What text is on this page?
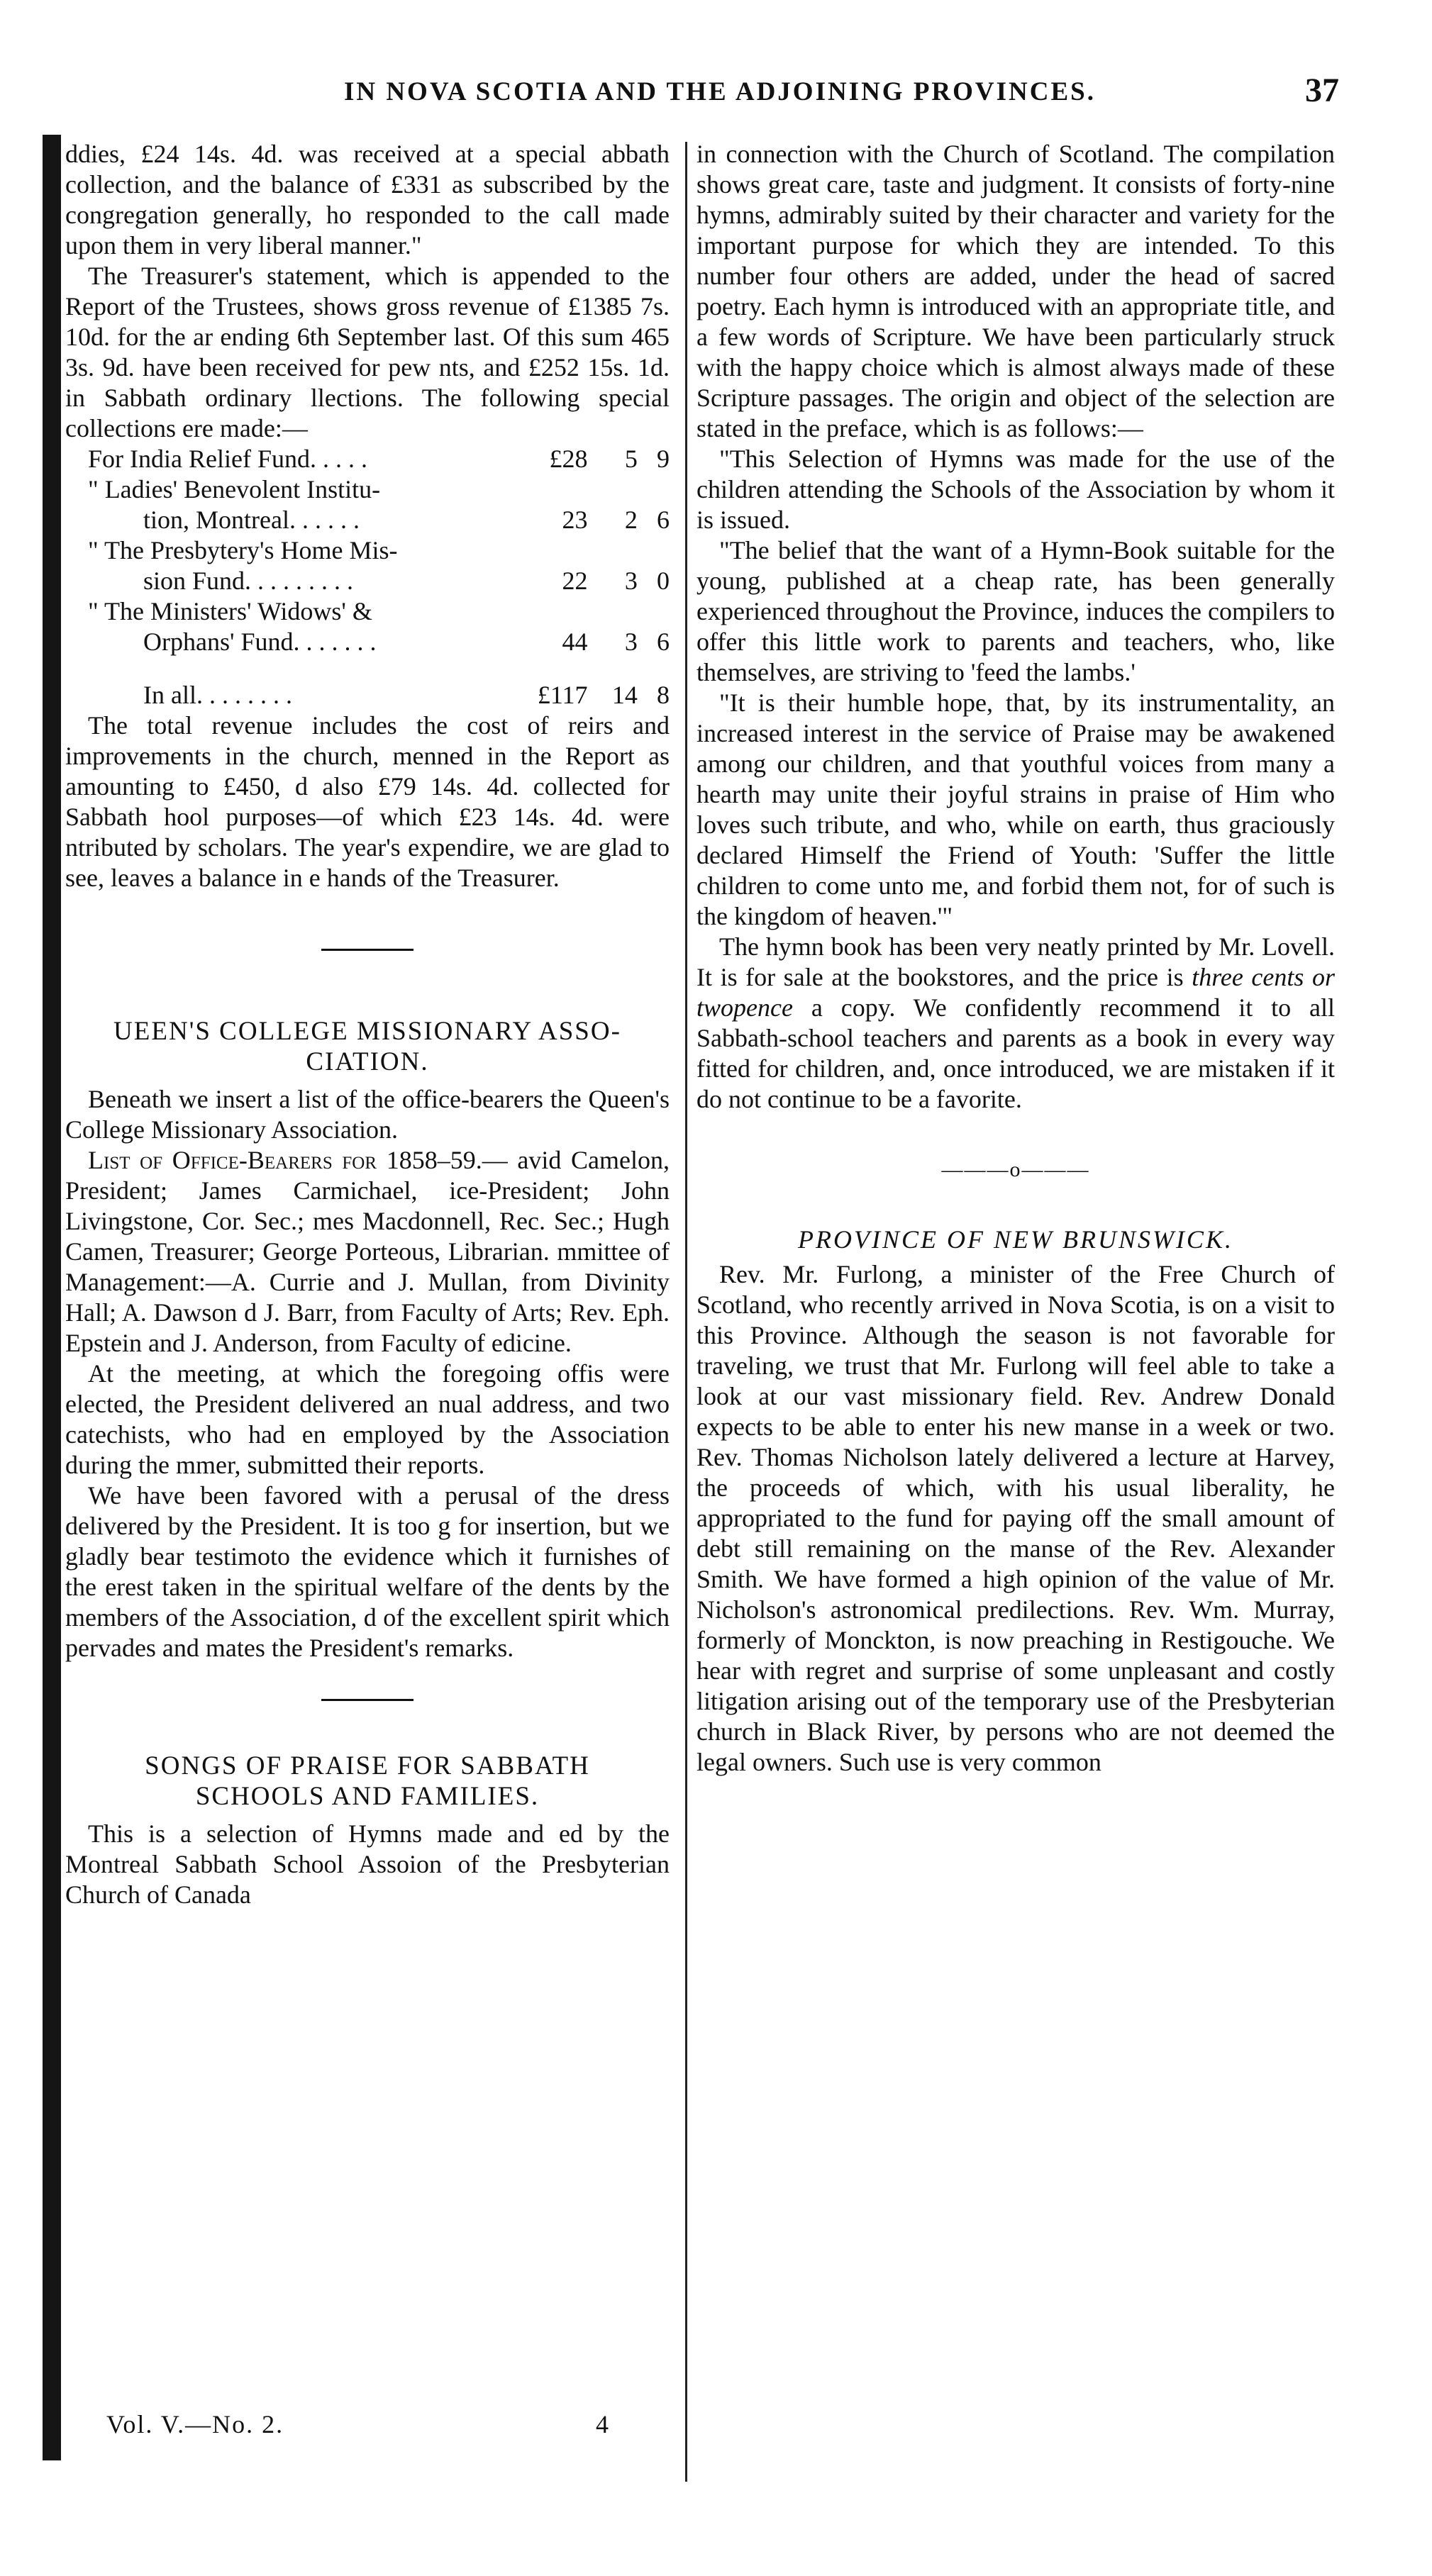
IN NOVA SCOTIA AND THE ADJOINING PROVINCES.	37

ddies, £24 14s. 4d. was received at a special abbath collection, and the balance of £331 as subscribed by the congregation generally, ho responded to the call made upon them in very liberal manner."

The Treasurer's statement, which is appended to the Report of the Trustees, shows gross revenue of £1385 7s. 10d. for the ar ending 6th September last. Of this sum 465 3s. 9d. have been received for pew nts, and £252 15s. 1d. in Sabbath ordinary llections. The following special collections ere made:—

For India Relief Fund. . . . .	£28	5	9
" Ladies' Benevolent Institu-			
tion, Montreal. . . . . .	23	2	6
" The Presbytery's Home Mis-			
sion Fund. . . . . . . . .	22	3	0
" The Ministers' Widows' &			
Orphans' Fund. . . . . . .	44	3	6
In all. . . . . . . .	£117	14	8

The total revenue includes the cost of reirs and improvements in the church, menned in the Report as amounting to £450, d also £79 14s. 4d. collected for Sabbath hool purposes—of which £23 14s. 4d. were ntributed by scholars. The year's expendire, we are glad to see, leaves a balance in e hands of the Treasurer.

UEEN'S COLLEGE MISSIONARY ASSO-
CIATION.

Beneath we insert a list of the office-bearers the Queen's College Missionary Association.

List of Office-Bearers for 1858–59.— avid Camelon, President; James Carmichael, ice-President; John Livingstone, Cor. Sec.; mes Macdonnell, Rec. Sec.; Hugh Camen, Treasurer; George Porteous, Librarian. mmittee of Management:—A. Currie and J. Mullan, from Divinity Hall; A. Dawson d J. Barr, from Faculty of Arts; Rev. Eph. Epstein and J. Anderson, from Faculty of edicine.

At the meeting, at which the foregoing offis were elected, the President delivered an nual address, and two catechists, who had en employed by the Association during the mmer, submitted their reports.

We have been favored with a perusal of the dress delivered by the President. It is too g for insertion, but we gladly bear testimoto the evidence which it furnishes of the erest taken in the spiritual welfare of the dents by the members of the Association, d of the excellent spirit which pervades and mates the President's remarks.

SONGS OF PRAISE FOR SABBATH
SCHOOLS AND FAMILIES.

This is a selection of Hymns made and ed by the Montreal Sabbath School Assoion of the Presbyterian Church of Canada

in connection with the Church of Scotland. The compilation shows great care, taste and judgment. It consists of forty-nine hymns, admirably suited by their character and variety for the important purpose for which they are intended. To this number four others are added, under the head of sacred poetry. Each hymn is introduced with an appropriate title, and a few words of Scripture. We have been particularly struck with the happy choice which is almost always made of these Scripture passages. The origin and object of the selection are stated in the preface, which is as follows:—

"This Selection of Hymns was made for the use of the children attending the Schools of the Association by whom it is issued.

"The belief that the want of a Hymn-Book suitable for the young, published at a cheap rate, has been generally experienced throughout the Province, induces the compilers to offer this little work to parents and teachers, who, like themselves, are striving to 'feed the lambs.'

"It is their humble hope, that, by its instrumentality, an increased interest in the service of Praise may be awakened among our children, and that youthful voices from many a hearth may unite their joyful strains in praise of Him who loves such tribute, and who, while on earth, thus graciously declared Himself the Friend of Youth: 'Suffer the little children to come unto me, and forbid them not, for of such is the kingdom of heaven.'"

The hymn book has been very neatly printed by Mr. Lovell. It is for sale at the bookstores, and the price is three cents or twopence a copy. We confidently recommend it to all Sabbath-school teachers and parents as a book in every way fitted for children, and, once introduced, we are mistaken if it do not continue to be a favorite.

———o———
PROVINCE OF NEW BRUNSWICK.

Rev. Mr. Furlong, a minister of the Free Church of Scotland, who recently arrived in Nova Scotia, is on a visit to this Province. Although the season is not favorable for traveling, we trust that Mr. Furlong will feel able to take a look at our vast missionary field. Rev. Andrew Donald expects to be able to enter his new manse in a week or two. Rev. Thomas Nicholson lately delivered a lecture at Harvey, the proceeds of which, with his usual liberality, he appropriated to the fund for paying off the small amount of debt still remaining on the manse of the Rev. Alexander Smith. We have formed a high opinion of the value of Mr. Nicholson's astronomical predilections. Rev. Wm. Murray, formerly of Monckton, is now preaching in Restigouche. We hear with regret and surprise of some unpleasant and costly litigation arising out of the temporary use of the Presbyterian church in Black River, by persons who are not deemed the legal owners. Such use is very common

Vol. V.—No. 2.	4
